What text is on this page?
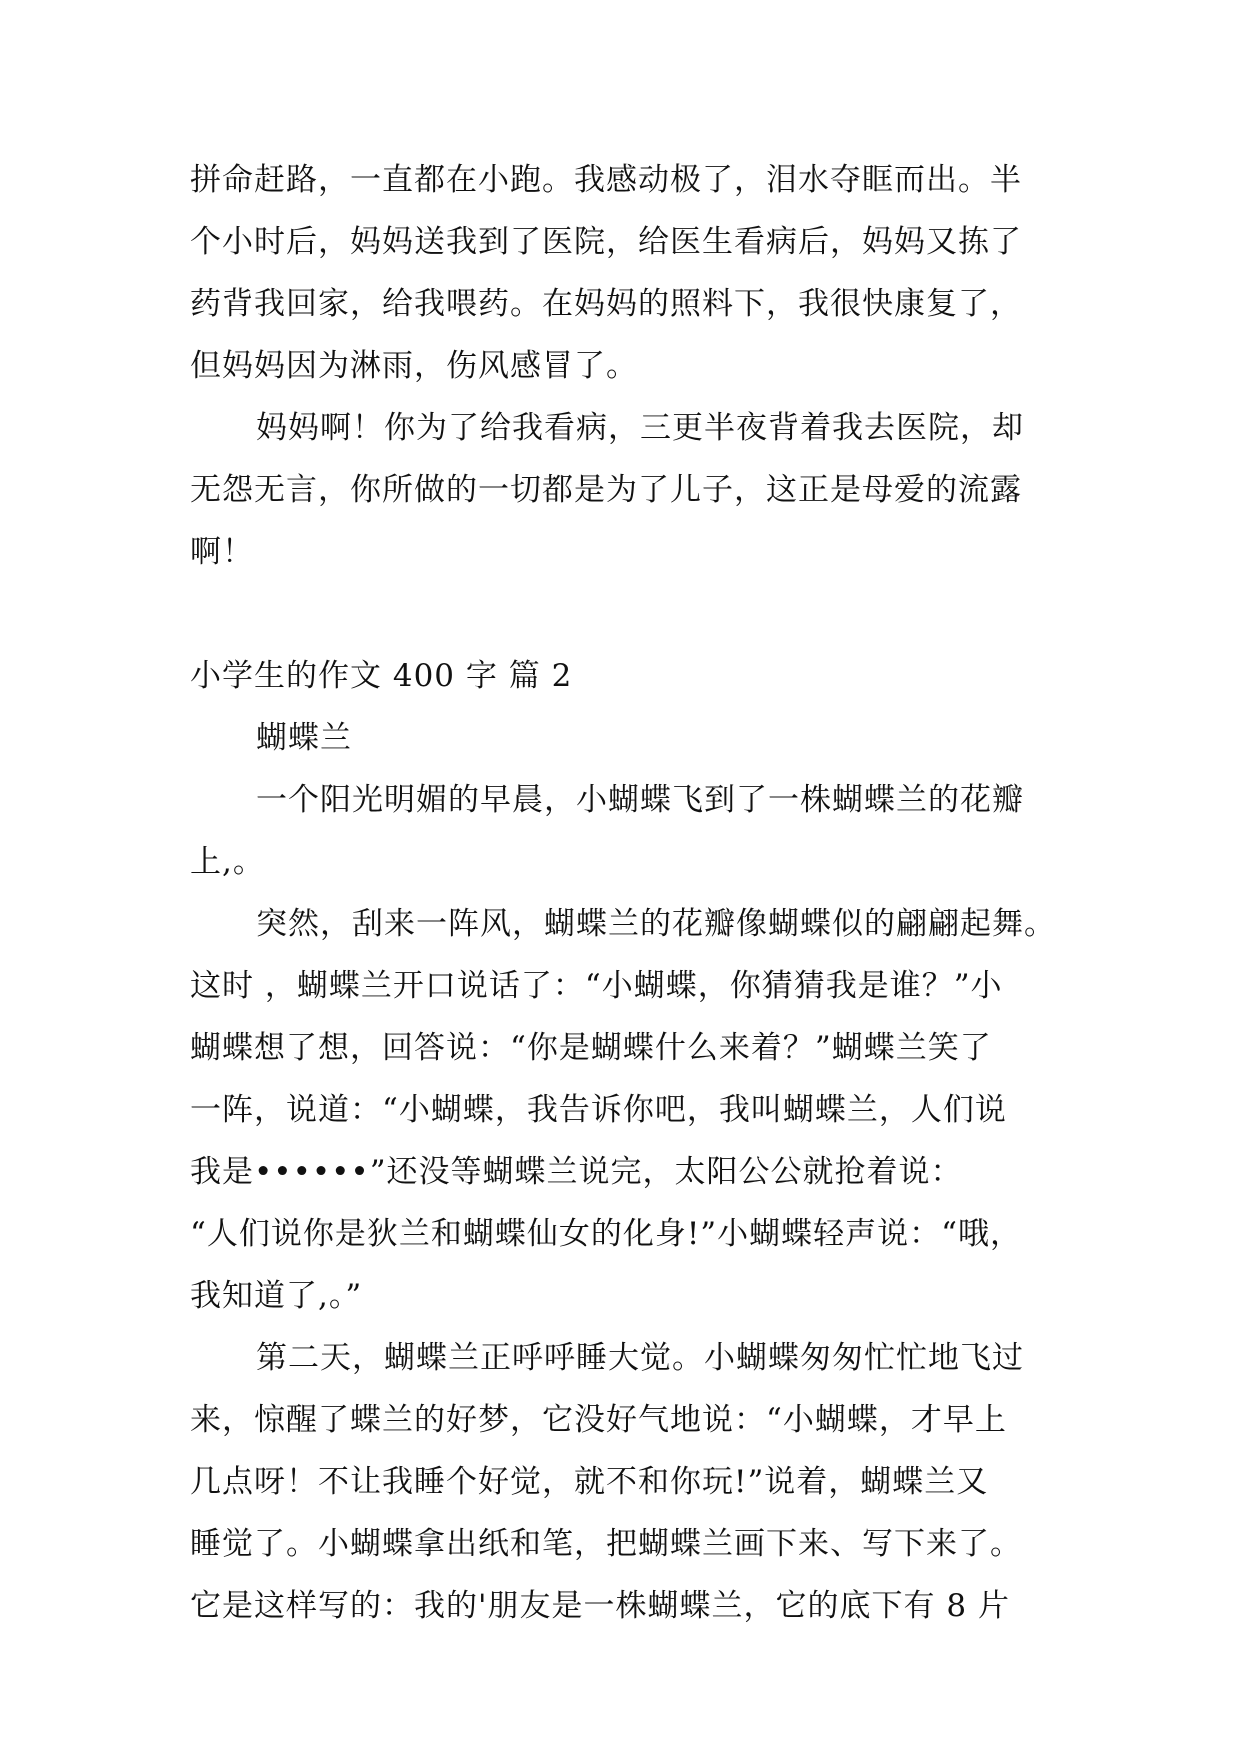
拼命赶路，一直都在小跑。我感动极了，泪水夺眶而出。半
个小时后，妈妈送我到了医院，给医生看病后，妈妈又拣了
药背我回家，给我喂药。在妈妈的照料下，我很快康复了，
但妈妈因为淋雨，伤风感冒了。
妈妈啊！你为了给我看病，三更半夜背着我去医院，却
无怨无言，你所做的一切都是为了儿子，这正是母爱的流露
啊！
小学生的作文 400 字 篇 2
蝴蝶兰
一个阳光明媚的早晨，小蝴蝶飞到了一株蝴蝶兰的花瓣
上,。
突然，刮来一阵风，蝴蝶兰的花瓣像蝴蝶似的翩翩起舞。
这时 ，蝴蝶兰开口说话了：“小蝴蝶，你猜猜我是谁？”小
蝴蝶想了想，回答说：“你是蝴蝶什么来着？”蝴蝶兰笑了
一阵，说道：“小蝴蝶，我告诉你吧，我叫蝴蝶兰，人们说
我是••••••”还没等蝴蝶兰说完，太阳公公就抢着说：
“人们说你是狄兰和蝴蝶仙女的化身!”小蝴蝶轻声说：“哦，
我知道了,。”
第二天，蝴蝶兰正呼呼睡大觉。小蝴蝶匆匆忙忙地飞过
来，惊醒了蝶兰的好梦，它没好气地说：“小蝴蝶，才早上
几点呀！不让我睡个好觉，就不和你玩!”说着，蝴蝶兰又
睡觉了。小蝴蝶拿出纸和笔，把蝴蝶兰画下来、写下来了。
它是这样写的：我的'朋友是一株蝴蝶兰，它的底下有 8 片
